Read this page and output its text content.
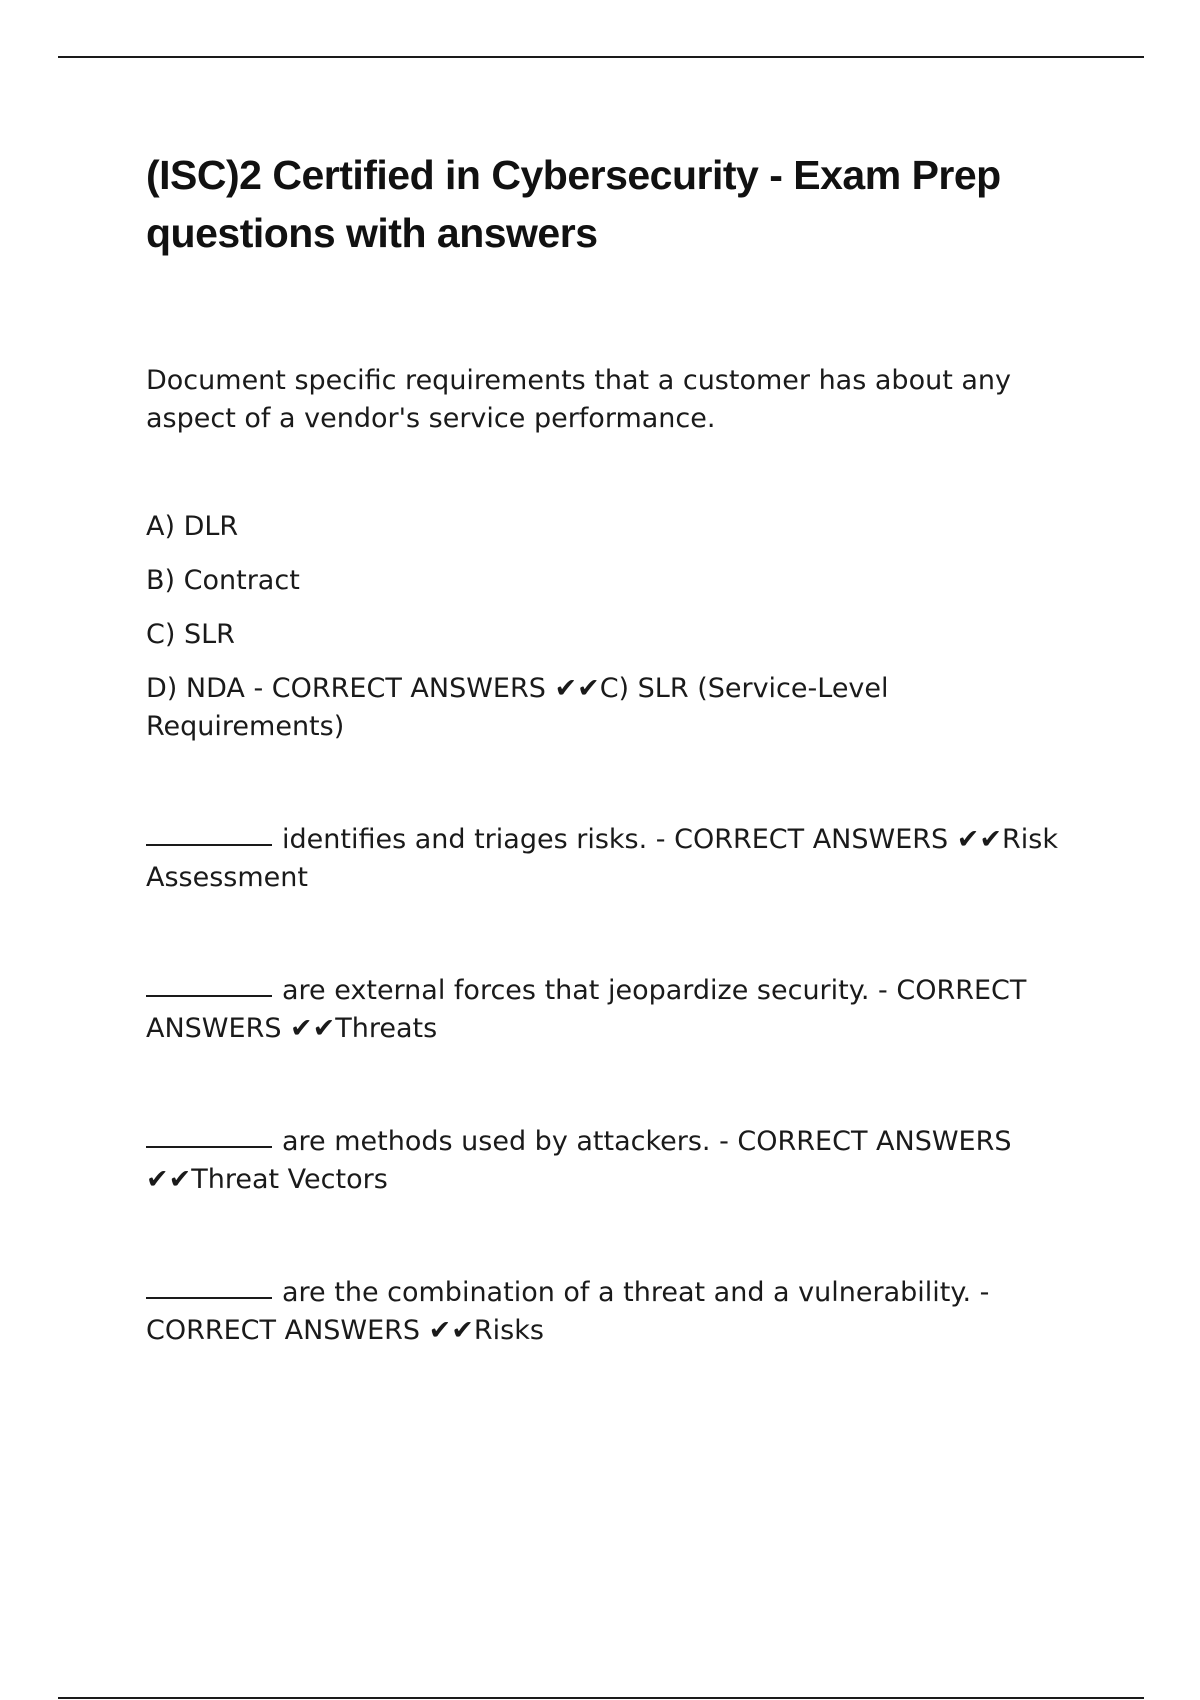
(ISC)2 Certified in Cybersecurity - Exam Prep questions with answers

Document specific requirements that a customer has about any aspect of a vendor's service performance.

A) DLR

B) Contract

C) SLR

D) NDA - CORRECT ANSWERS ✔✔C) SLR (Service-Level Requirements)

identifies and triages risks. - CORRECT ANSWERS ✔✔Risk Assessment

are external forces that jeopardize security. - CORRECT ANSWERS ✔✔Threats

are methods used by attackers. - CORRECT ANSWERS ✔✔Threat Vectors

are the combination of a threat and a vulnerability. - CORRECT ANSWERS ✔✔Risks
